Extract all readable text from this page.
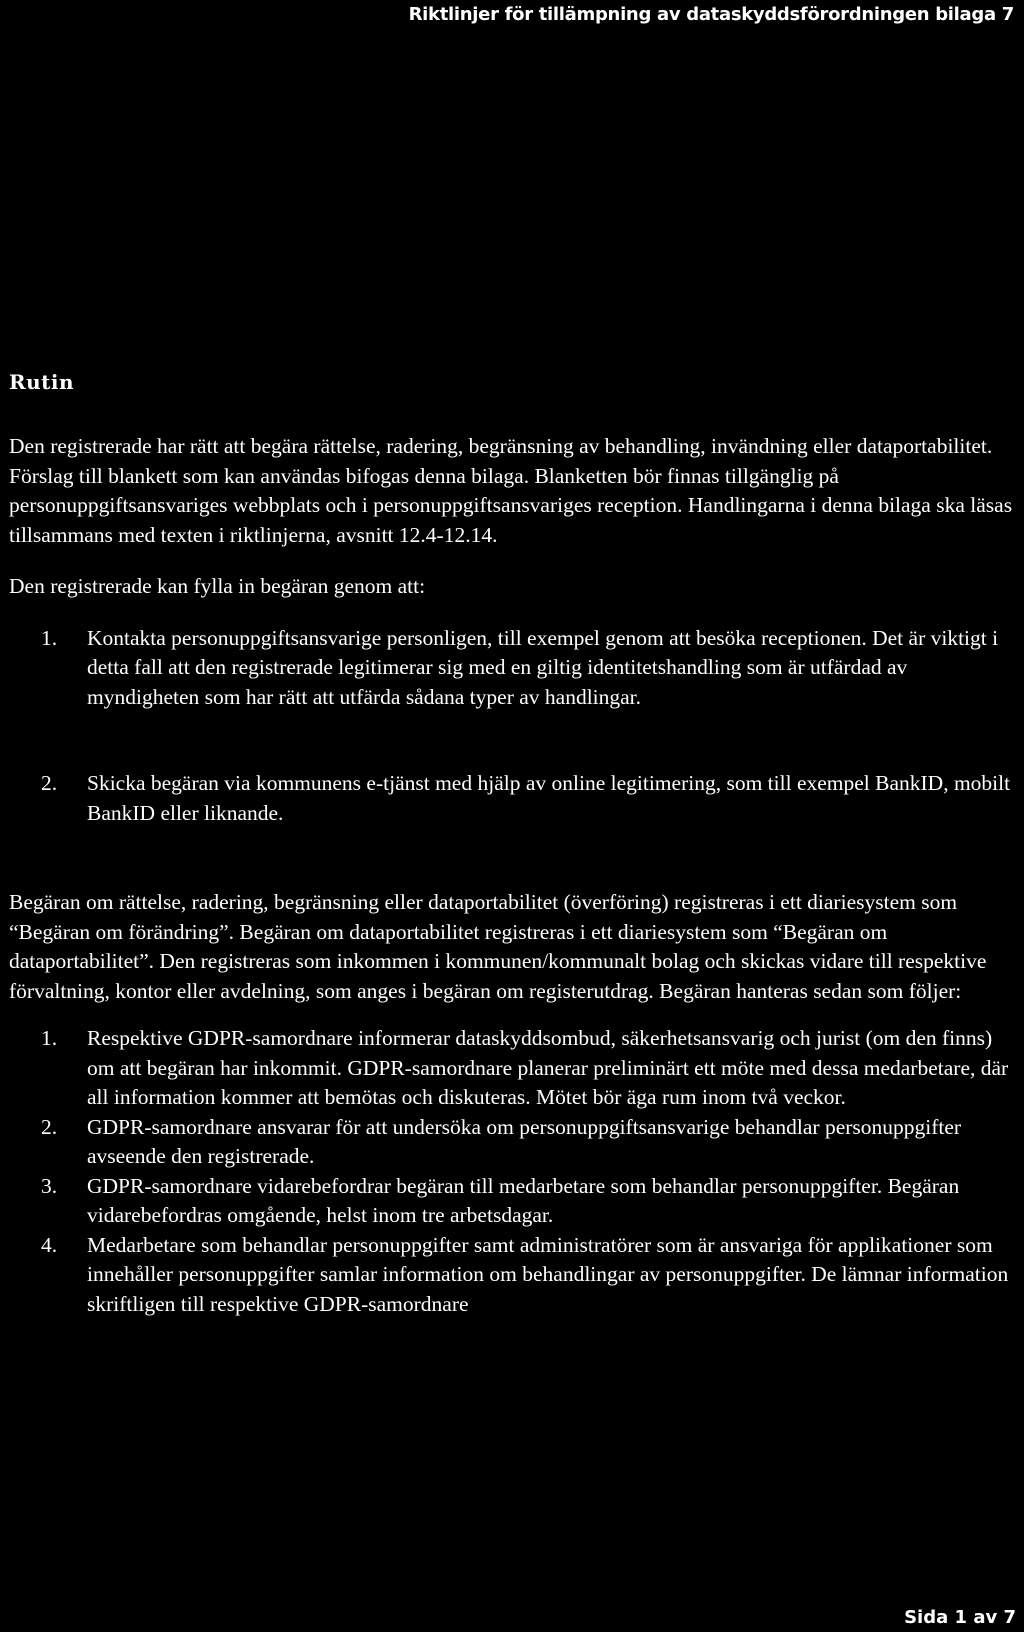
Riktlinjer för tillämpning av dataskyddsförordningen bilaga 7
Rutin

Den registrerade har rätt att begära rättelse, radering, begränsning av behandling, invändning eller dataportabilitet. Förslag till blankett som kan användas bifogas denna bilaga. Blanketten bör finnas tillgänglig på personuppgiftsansvariges webbplats och i personuppgiftsansvariges reception. Handlingarna i denna bilaga ska läsas tillsammans med texten i riktlinjerna, avsnitt 12.4-12.14.

Den registrerade kan fylla in begäran genom att:

1. Kontakta personuppgiftsansvarige personligen, till exempel genom att besöka receptionen. Det är viktigt i detta fall att den registrerade legitimerar sig med en giltig identitetshandling som är utfärdad av myndigheten som har rätt att utfärda sådana typer av handlingar.
2. Skicka begäran via kommunens e-tjänst med hjälp av online legitimering, som till exempel BankID, mobilt BankID eller liknande.

Begäran om rättelse, radering, begränsning eller dataportabilitet (överföring) registreras i ett diariesystem som “Begäran om förändring”. Begäran om dataportabilitet registreras i ett diariesystem som “Begäran om dataportabilitet”. Den registreras som inkommen i kommunen/kommunalt bolag och skickas vidare till respektive förvaltning, kontor eller avdelning, som anges i begäran om registerutdrag. Begäran hanteras sedan som följer:

1. Respektive GDPR-samordnare informerar dataskyddsombud, säkerhetsansvarig och jurist (om den finns) om att begäran har inkommit. GDPR-samordnare planerar preliminärt ett möte med dessa medarbetare, där all information kommer att bemötas och diskuteras. Mötet bör äga rum inom två veckor.
2. GDPR-samordnare ansvarar för att undersöka om personuppgiftsansvarige behandlar personuppgifter avseende den registrerade.
3. GDPR-samordnare vidarebefordrar begäran till medarbetare som behandlar personuppgifter. Begäran vidarebefordras omgående, helst inom tre arbetsdagar.
4. Medarbetare som behandlar personuppgifter samt administratörer som är ansvariga för applikationer som innehåller personuppgifter samlar information om behandlingar av personuppgifter. De lämnar information skriftligen till respektive GDPR-samordnare
Sida 1 av 7
